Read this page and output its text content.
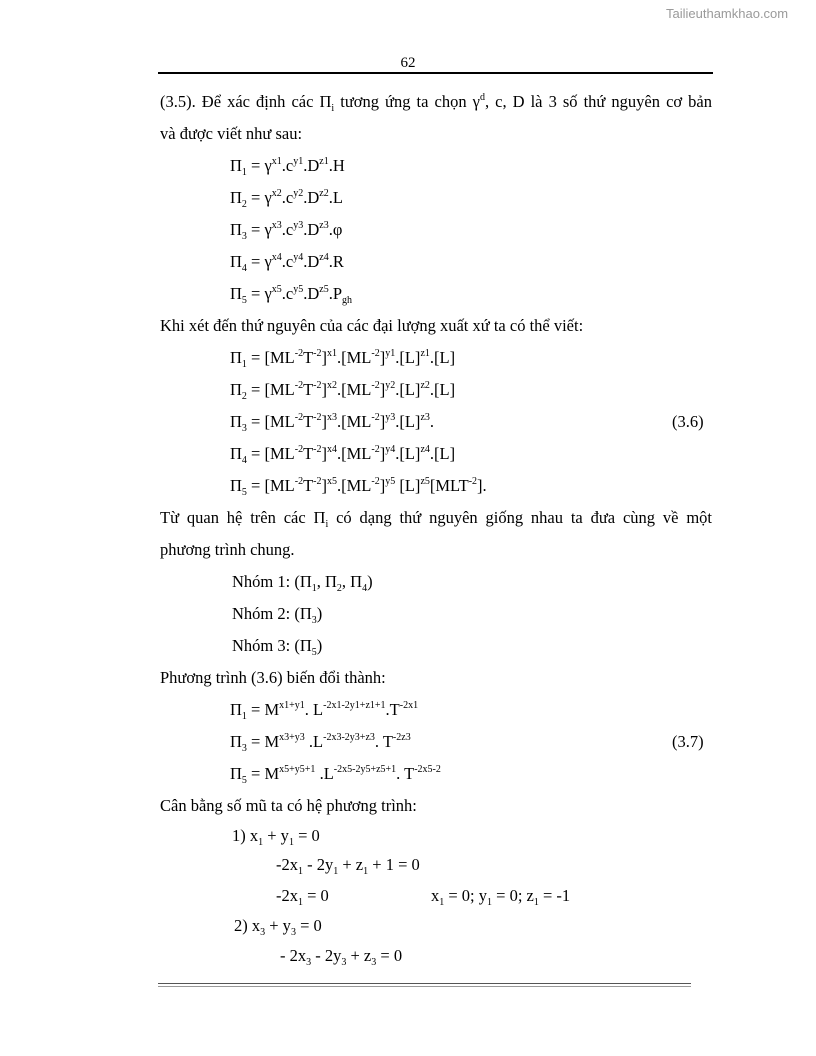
Tailieuthamkhao.com
62
(3.5). Để xác định các $\Pi_i$ tương ứng ta chọn $\gamma^d$, c, D là 3 số thứ nguyên cơ bản
và được viết như sau:
$\Pi_1 = \gamma^{x1}.c^{y1}.D^{z1}.H$
$\Pi_2 = \gamma^{x2}.c^{y2}.D^{z2}.L$
$\Pi_3 = \gamma^{x3}.c^{y3}.D^{z3}.\varphi$
$\Pi_4 = \gamma^{x4}.c^{y4}.D^{z4}.R$
$\Pi_5 = \gamma^{x5}.c^{y5}.D^{z5}.P_{gh}$
Khi xét đến thứ nguyên của các đại lượng xuất xứ ta có thể viết:
$\Pi_1 = [ML^{-2}T^{-2}]^{x1}.[ML^{-2}]^{y1}.[L]^{z1}.[L]$
$\Pi_2 = [ML^{-2}T^{-2}]^{x2}.[ML^{-2}]^{y2}.[L]^{z2}.[L]$
$\Pi_3 = [ML^{-2}T^{-2}]^{x3}.[ML^{-2}]^{y3}.[L]^{z3}$.	(3.6)
$\Pi_4 = [ML^{-2}T^{-2}]^{x4}.[ML^{-2}]^{y4}.[L]^{z4}.[L]$
$\Pi_5 = [ML^{-2}T^{-2}]^{x5}.[ML^{-2}]^{y5}$ $[L]^{z5}[MLT^{-2}]$.
Từ quan hệ trên các $\Pi_i$ có dạng thứ nguyên giống nhau ta đưa cùng về một
phương trình chung.
Nhóm 1: ($\Pi_1$, $\Pi_2$, $\Pi_4$)
Nhóm 2: $(\Pi_3)$
Nhóm 3: $(\Pi_5)$
Phương trình (3.6) biến đổi thành:
$\Pi_1 = M^{x1+y1}$. $L^{-2x1-2y1+z1+1}.T^{-2x1}$
$\Pi_3 = M^{x3+y3}$ $.L^{-2x3-2y3+z3}$. $T^{-2z3}$	(3.7)
$\Pi_5 = M^{x5+y5+1}$ $.L^{-2x5-2y5+z5+1}$. $T^{-2x5-2}$
Cân bằng số mũ ta có hệ phương trình:
1) $x_1 + y_1 = 0$
$-2x_1 - 2y_1 + z_1 + 1 = 0$
$-2x_1 = 0$	$x_1 = 0$; $y_1 = 0$; $z_1 = -1$
2) $x_3 + y_3 = 0$
- $2x_3 - 2y_3 + z_3 = 0$
